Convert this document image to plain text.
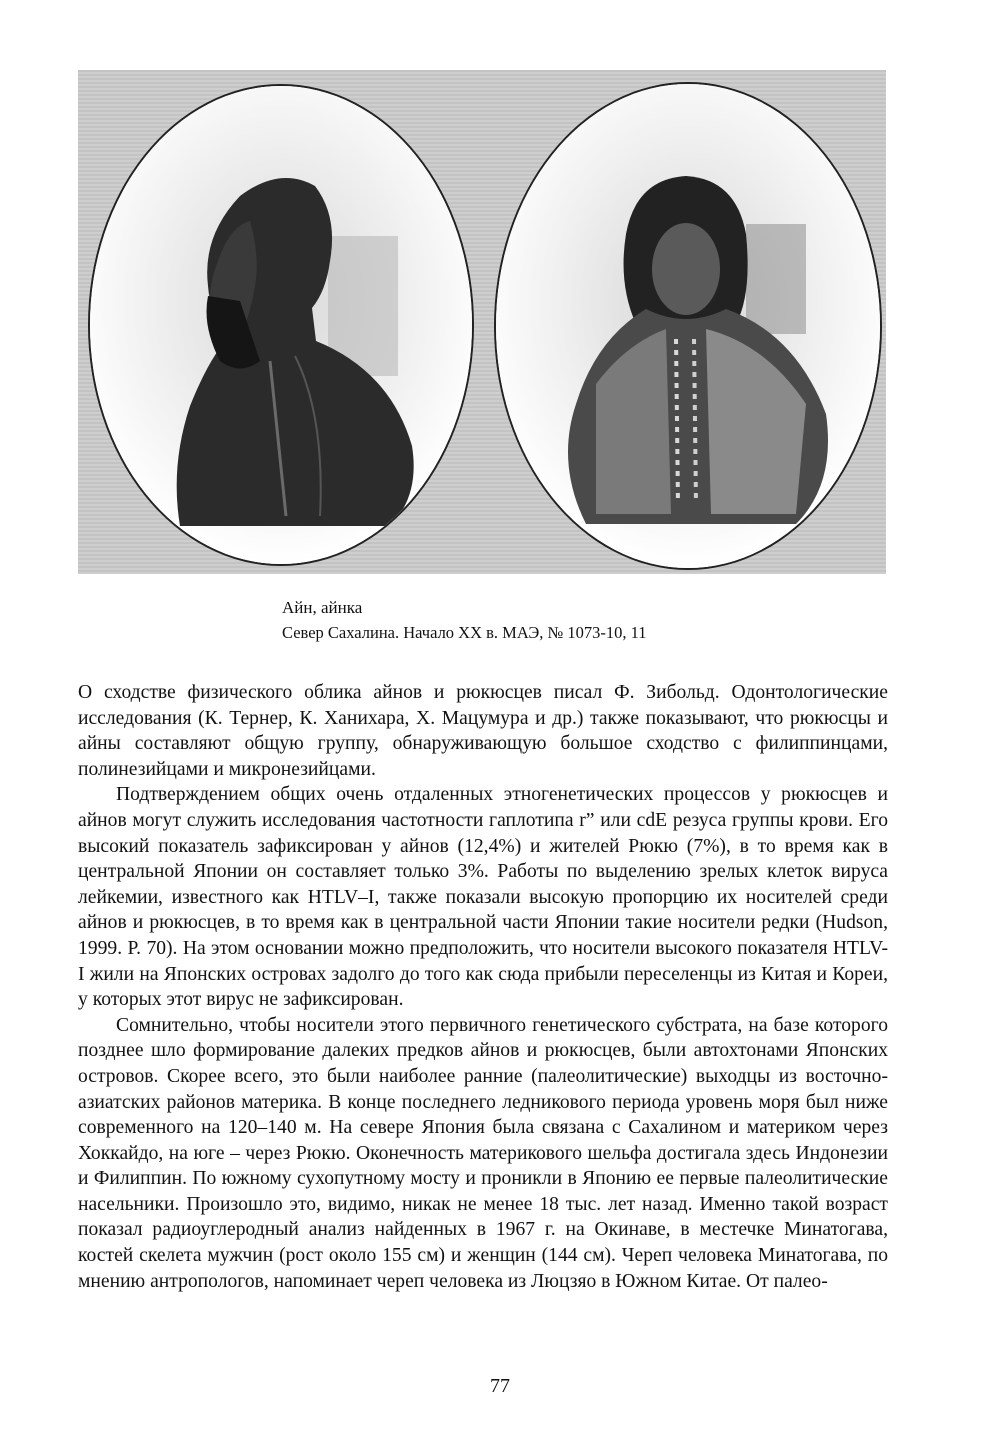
Айн, айнка
Север Сахалина. Начало XX в. МАЭ, № 1073-10, 11

О сходстве физического облика айнов и рюкюсцев писал Ф. Зибольд. Одонтологические исследования (К. Тернер, К. Ханихара, Х. Мацумура и др.) также показывают, что рюкюсцы и айны составляют общую группу, обнаруживающую большое сходство с филиппинцами, полинезийцами и микронезийцами.

Подтверждением общих очень отдаленных этногенетических процессов у рюкюсцев и айнов могут служить исследования частотности гаплотипа r” или cdE резуса группы крови. Его высокий показатель зафиксирован у айнов (12,4%) и жителей Рюкю (7%), в то время как в центральной Японии он составляет только 3%. Работы по выделению зрелых клеток вируса лейкемии, известного как HTLV–I, также показали высокую пропорцию их носителей среди айнов и рюкюсцев, в то время как в центральной части Японии такие носители редки (Hudson, 1999. P. 70). На этом основании можно предположить, что носители высокого показателя HTLV-I жили на Японских островах задолго до того как сюда прибыли переселенцы из Китая и Кореи, у которых этот вирус не зафиксирован.

Сомнительно, чтобы носители этого первичного генетического субстрата, на базе которого позднее шло формирование далеких предков айнов и рюкюсцев, были автохтонами Японских островов. Скорее всего, это были наиболее ранние (палеолитические) выходцы из восточно-азиатских районов материка. В конце последнего ледникового периода уровень моря был ниже современного на 120–140 м. На севере Япония была связана с Сахалином и материком через Хоккайдо, на юге – через Рюкю. Оконечность материкового шельфа достигала здесь Индонезии и Филиппин. По южному сухопутному мосту и проникли в Японию ее первые палеолитические насельники. Произошло это, видимо, никак не менее 18 тыс. лет назад. Именно такой возраст показал радиоуглеродный анализ найденных в 1967 г. на Окинаве, в местечке Минатогава, костей скелета мужчин (рост около 155 см) и женщин (144 см). Череп человека Минатогава, по мнению антропологов, напоминает череп человека из Люцзяо в Южном Китае. От палео-

77
